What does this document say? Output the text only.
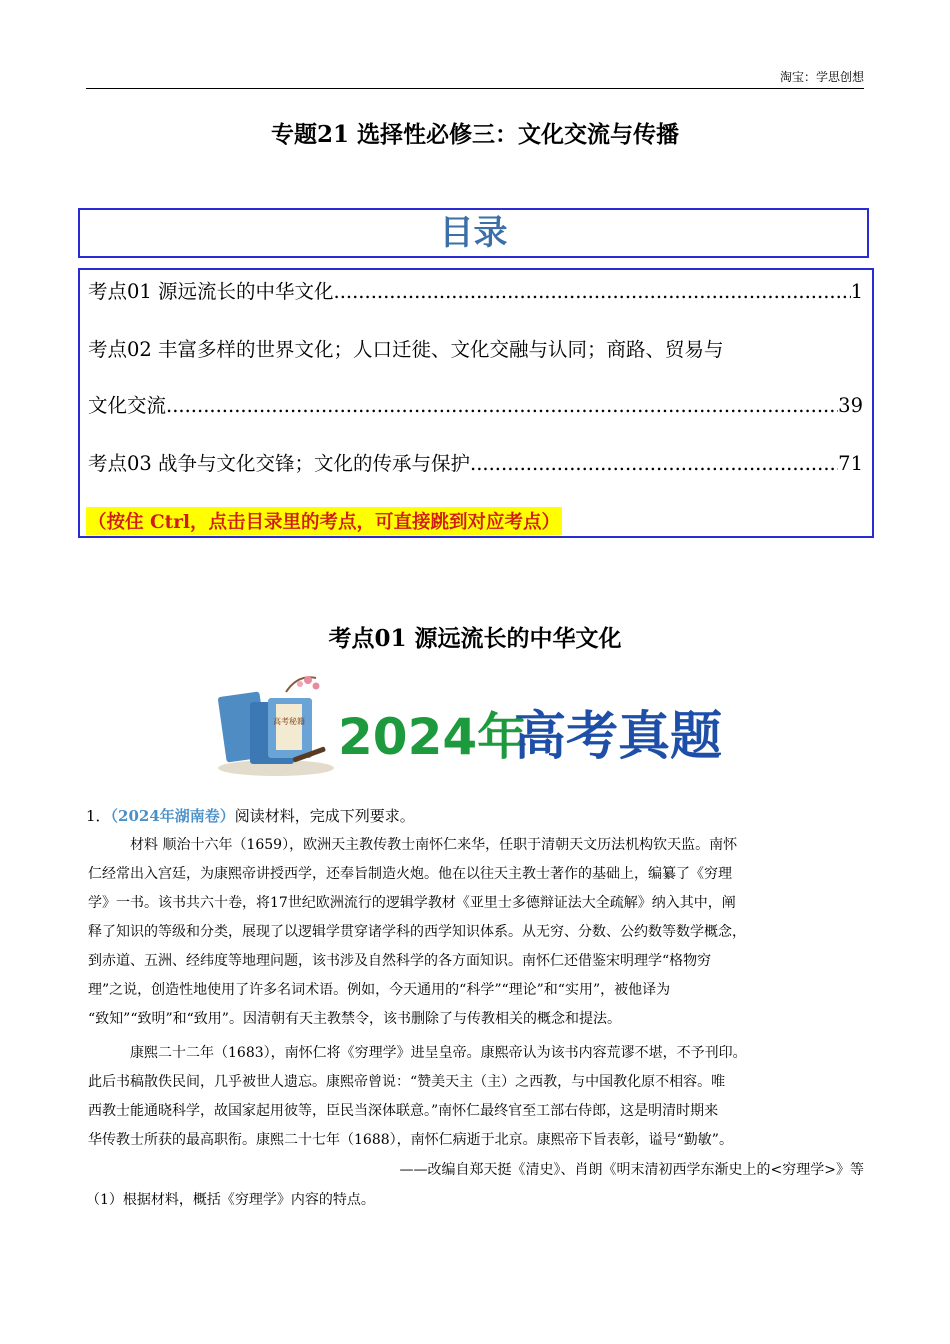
淘宝：学思创想
专题21 选择性必修三：文化交流与传播
目录
考点01 源远流长的中华文化 .....	1
考点02 丰富多样的世界文化；人口迁徙、文化交融与认同；商路、贸易与
文化交流 .....	39
考点03 战争与文化交锋；文化的传承与保护 .....	71
（按住 Ctrl，点击目录里的考点，可直接跳到对应考点）
考点01 源远流长的中华文化
高考秘籍 2024年
高考真题
1．（2024年湖南卷）阅读材料，完成下列要求。

材料 顺治十六年（1659），欧洲天主教传教士南怀仁来华，任职于清朝天文历法机构钦天监。南怀

仁经常出入宫廷，为康熙帝讲授西学，还奉旨制造火炮。他在以往天主教士著作的基础上，编纂了《穷理

学》一书。该书共六十卷，将17世纪欧洲流行的逻辑学教材《亚里士多德辩证法大全疏解》纳入其中，阐

释了知识的等级和分类，展现了以逻辑学贯穿诸学科的西学知识体系。从无穷、分数、公约数等数学概念，

到赤道、五洲、经纬度等地理问题，该书涉及自然科学的各方面知识。南怀仁还借鉴宋明理学“格物穷

理”之说，创造性地使用了许多名词术语。例如，今天通用的“科学”“理论”和“实用”，被他译为

“致知”“致明”和“致用”。因清朝有天主教禁令，该书删除了与传教相关的概念和提法。

康熙二十二年（1683），南怀仁将《穷理学》进呈皇帝。康熙帝认为该书内容荒谬不堪，不予刊印。

此后书稿散佚民间，几乎被世人遗忘。康熙帝曾说：“赞美天主（主）之西教，与中国教化原不相容。唯

西教士能通晓科学，故国家起用彼等，臣民当深体联意。”南怀仁最终官至工部右侍郎，这是明清时期来

华传教士所获的最高职衔。康熙二十七年（1688），南怀仁病逝于北京。康熙帝下旨表彰，谥号“勤敏”。

——改编自郑天挺《清史》、肖朗《明末清初西学东渐史上的<穷理学>》等
（1）根据材料，概括《穷理学》内容的特点。
